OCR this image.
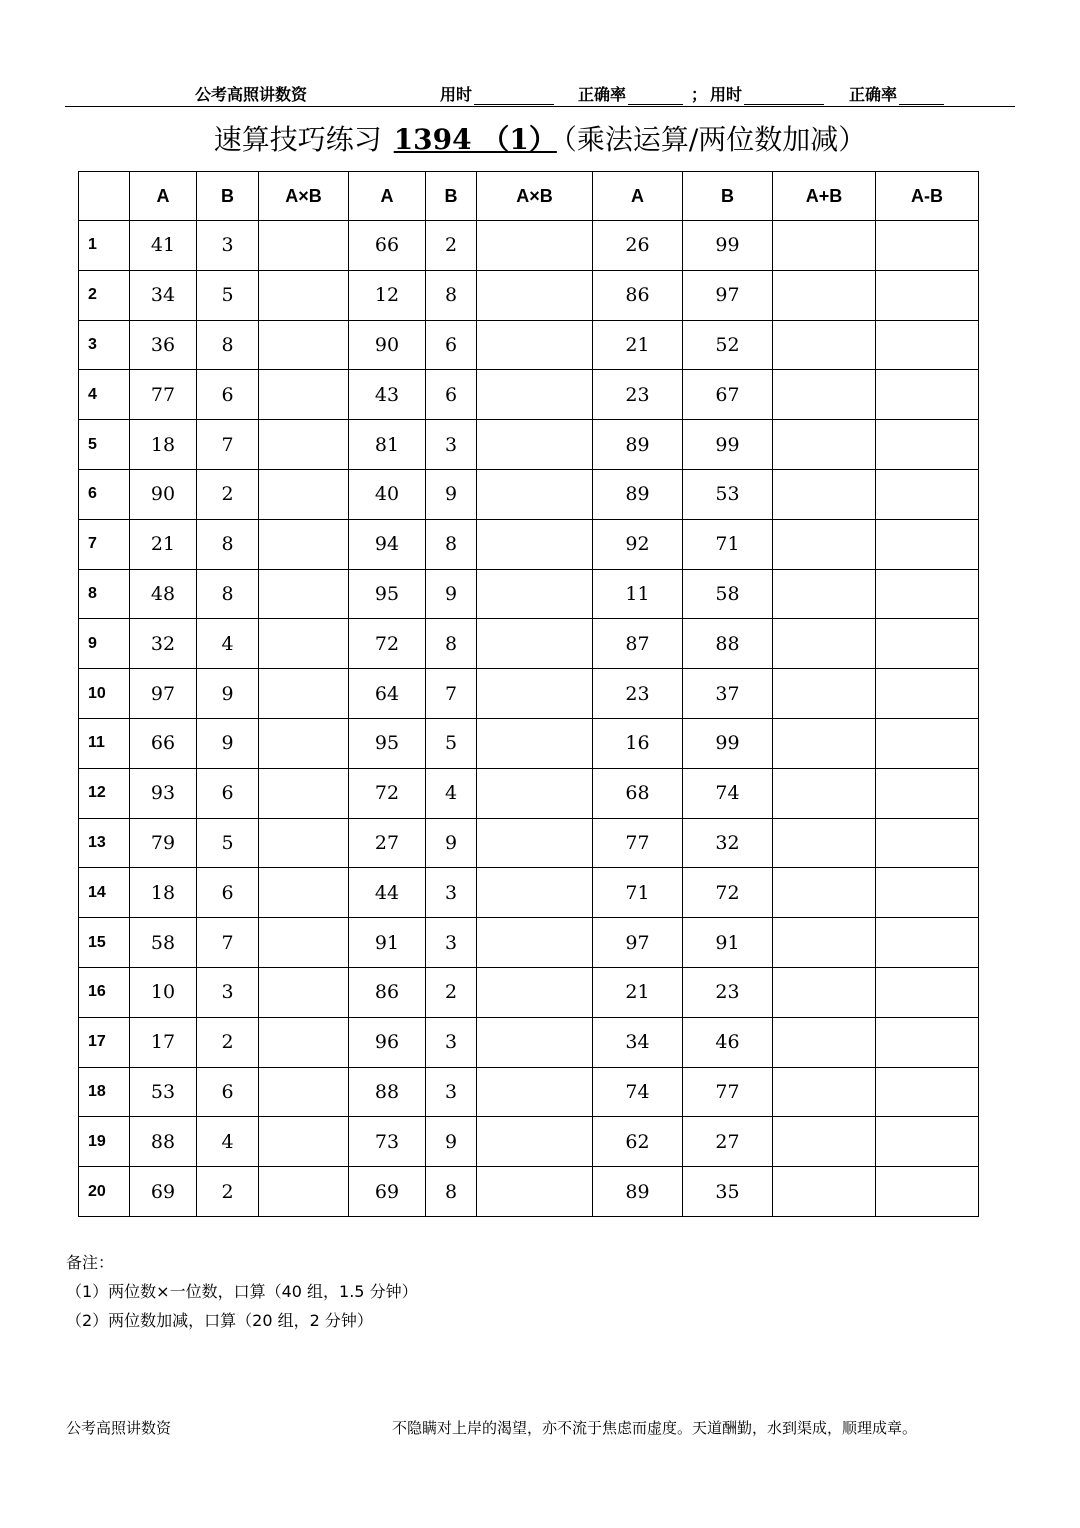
公考高照讲数资	用时	正确率	； 用时	正确率
速算技巧练习 1394 （1） （乘法运算/两位数加减）
	A	B	A×B	A	B	A×B	A	B	A+B	A-B
1	41	3		66	2		26	99		
2	34	5		12	8		86	97		
3	36	8		90	6		21	52		
4	77	6		43	6		23	67		
5	18	7		81	3		89	99		
6	90	2		40	9		89	53		
7	21	8		94	8		92	71		
8	48	8		95	9		11	58		
9	32	4		72	8		87	88		
10	97	9		64	7		23	37		
11	66	9		95	5		16	99		
12	93	6		72	4		68	74		
13	79	5		27	9		77	32		
14	18	6		44	3		71	72		
15	58	7		91	3		97	91		
16	10	3		86	2		21	23		
17	17	2		96	3		34	46		
18	53	6		88	3		74	77		
19	88	4		73	9		62	27		
20	69	2		69	8		89	35		
备注：
（1）两位数×一位数，口算（40 组，1.5 分钟）
（2）两位数加减，口算（20 组，2 分钟）
公考高照讲数资	不隐瞒对上岸的渴望，亦不流于焦虑而虚度。天道酬勤，水到渠成，顺理成章。
